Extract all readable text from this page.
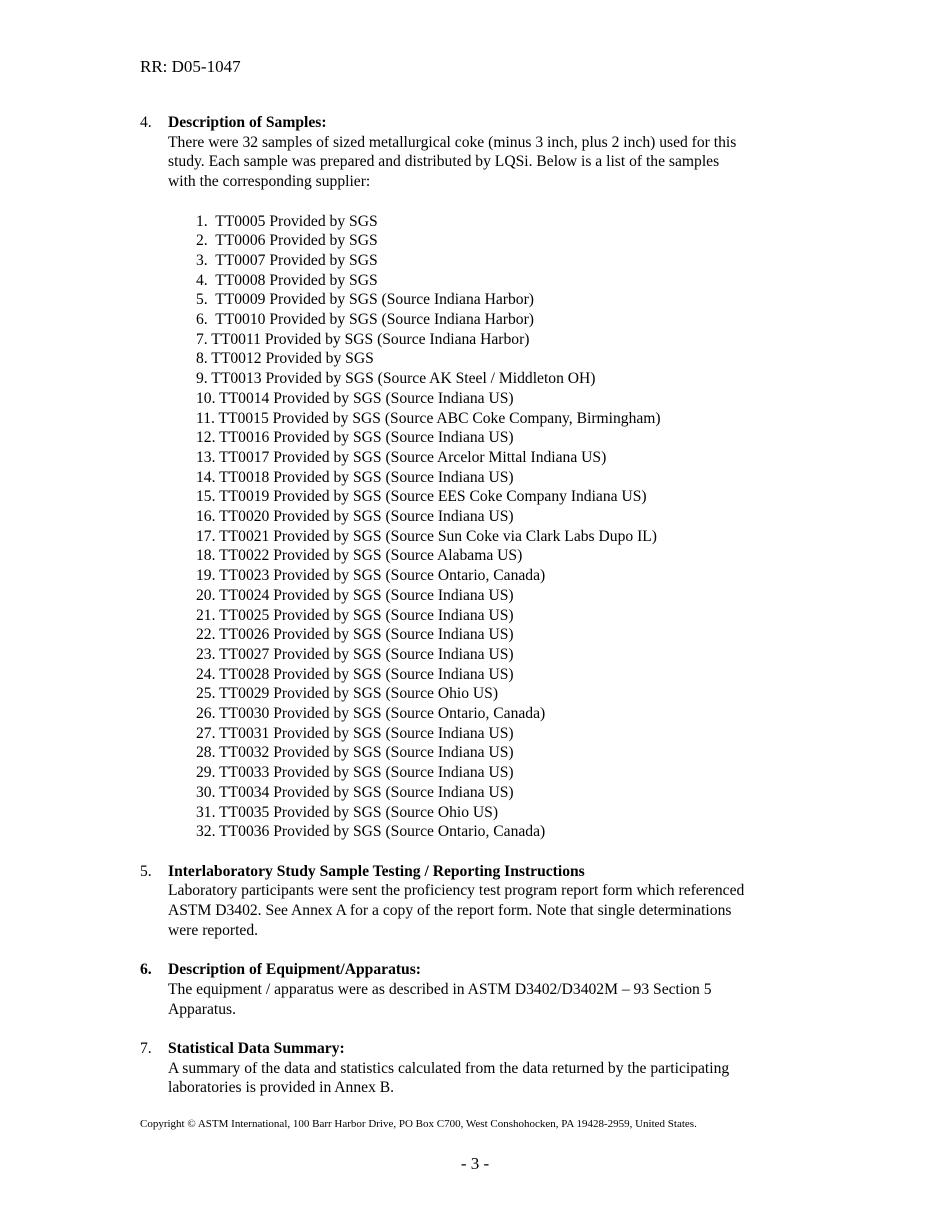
RR: D05-1047
4. Description of Samples:
There were 32 samples of sized metallurgical coke (minus 3 inch, plus 2 inch) used for this
study. Each sample was prepared and distributed by LQSi. Below is a list of the samples
with the corresponding supplier:
1.  TT0005 Provided by SGS
2.  TT0006 Provided by SGS
3.  TT0007 Provided by SGS
4.  TT0008 Provided by SGS
5.  TT0009 Provided by SGS (Source Indiana Harbor)
6.  TT0010 Provided by SGS (Source Indiana Harbor)
7. TT0011 Provided by SGS (Source Indiana Harbor)
8. TT0012 Provided by SGS
9. TT0013 Provided by SGS (Source AK Steel / Middleton OH)
10. TT0014 Provided by SGS (Source Indiana US)
11. TT0015 Provided by SGS (Source ABC Coke Company, Birmingham)
12. TT0016 Provided by SGS (Source Indiana US)
13. TT0017 Provided by SGS (Source Arcelor Mittal Indiana US)
14. TT0018 Provided by SGS (Source Indiana US)
15. TT0019 Provided by SGS (Source EES Coke Company Indiana US)
16. TT0020 Provided by SGS (Source Indiana US)
17. TT0021 Provided by SGS (Source Sun Coke via Clark Labs Dupo IL)
18. TT0022 Provided by SGS (Source Alabama US)
19. TT0023 Provided by SGS (Source Ontario, Canada)
20. TT0024 Provided by SGS (Source Indiana US)
21. TT0025 Provided by SGS (Source Indiana US)
22. TT0026 Provided by SGS (Source Indiana US)
23. TT0027 Provided by SGS (Source Indiana US)
24. TT0028 Provided by SGS (Source Indiana US)
25. TT0029 Provided by SGS (Source Ohio US)
26. TT0030 Provided by SGS (Source Ontario, Canada)
27. TT0031 Provided by SGS (Source Indiana US)
28. TT0032 Provided by SGS (Source Indiana US)
29. TT0033 Provided by SGS (Source Indiana US)
30. TT0034 Provided by SGS (Source Indiana US)
31. TT0035 Provided by SGS (Source Ohio US)
32. TT0036 Provided by SGS (Source Ontario, Canada)
5. Interlaboratory Study Sample Testing / Reporting Instructions
Laboratory participants were sent the proficiency test program report form which referenced
ASTM D3402. See Annex A for a copy of the report form. Note that single determinations
were reported.
6. Description of Equipment/Apparatus:
The equipment / apparatus were as described in ASTM D3402/D3402M – 93 Section 5
Apparatus.
7. Statistical Data Summary:
A summary of the data and statistics calculated from the data returned by the participating
laboratories is provided in Annex B.
Copyright © ASTM International, 100 Barr Harbor Drive, PO Box C700, West Conshohocken, PA 19428-2959, United States.
- 3 -
